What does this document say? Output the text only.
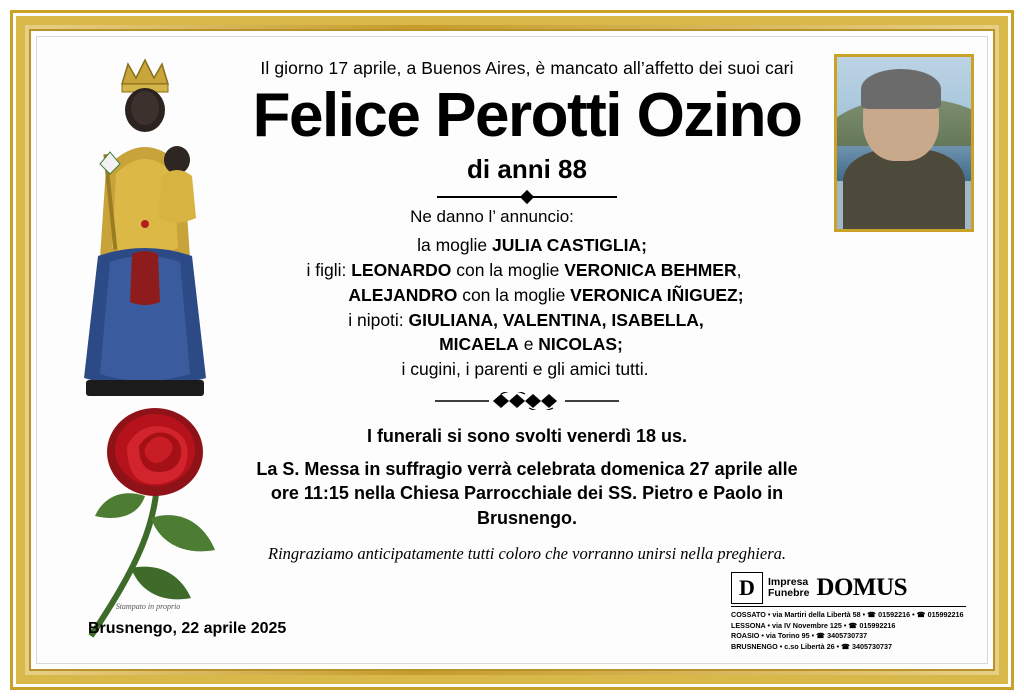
Stampato in proprio
Il giorno 17 aprile, a Buenos Aires, è mancato all’affetto dei suoi cari
Felice Perotti Ozino
di anni 88
Ne danno l’ annuncio:
la moglie JULIA CASTIGLIA;
i figli: LEONARDO con la moglie VERONICA BEHMER,
ALEJANDRO con la moglie VERONICA IÑIGUEZ;
i nipoti: GIULIANA, VALENTINA, ISABELLA,
MICAELA e NICOLAS;
i cugini, i parenti e gli amici tutti.
I funerali si sono svolti venerdì 18 us.
La S. Messa in suffragio verrà celebrata domenica 27 aprile alle
ore 11:15 nella Chiesa Parrocchiale dei SS. Pietro e Paolo in Brusnengo.
Ringraziamo anticipatamente tutti coloro che vorranno unirsi nella preghiera.
Brusnengo, 22 aprile 2025
D	Impresa
Funebre DOMUS
COSSATO • via Martiri della Libertà 58 • ☎ 01592216 • ☎ 015992216
LESSONA • via IV Novembre 125 • ☎ 015992216
ROASIO • via Torino 95 • ☎ 3405730737
BRUSNENGO • c.so Libertà 26 • ☎ 3405730737
